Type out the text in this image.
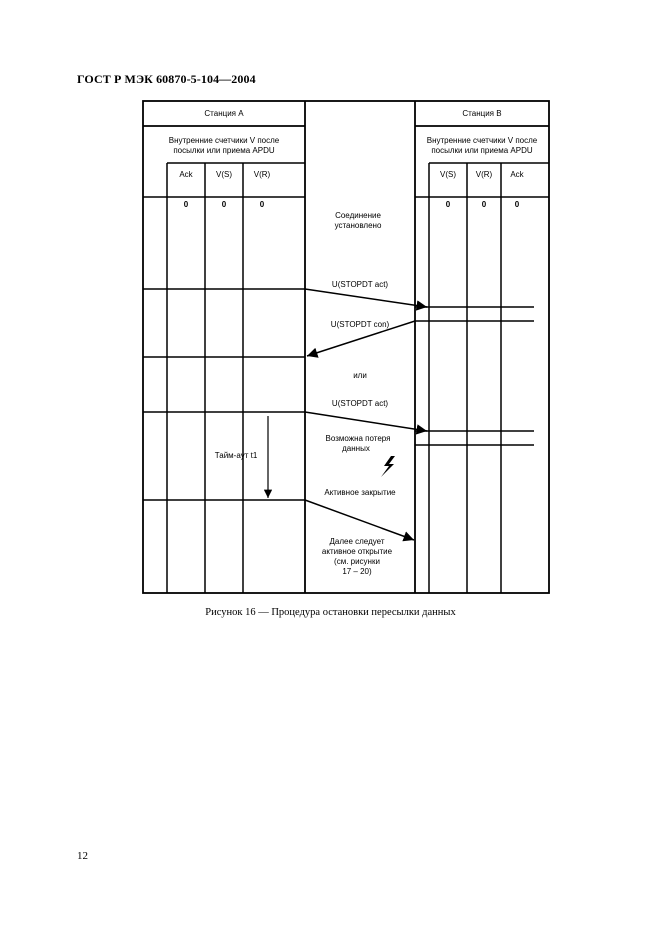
ГОСТ Р МЭК 60870-5-104—2004
Станция А
Внутренние счетчики V после
посылки или приема APDU
Ack	V(S)	V(R)
0	0	0
Тайм-аут t1
Станция В
Внутренние счетчики V после
посылки или приема APDU
V(S) V(R) Ack
0	0	0
Соединение
установлено
U(STOPDT act)
U(STOPDT con)
или
U(STOPDT act)
Возможна потеря
данных
Активное закрытие
Далее следует
активное открытие
(см. рисунки
17 – 20)
Рисунок 16 — Процедура остановки пересылки данных
12
